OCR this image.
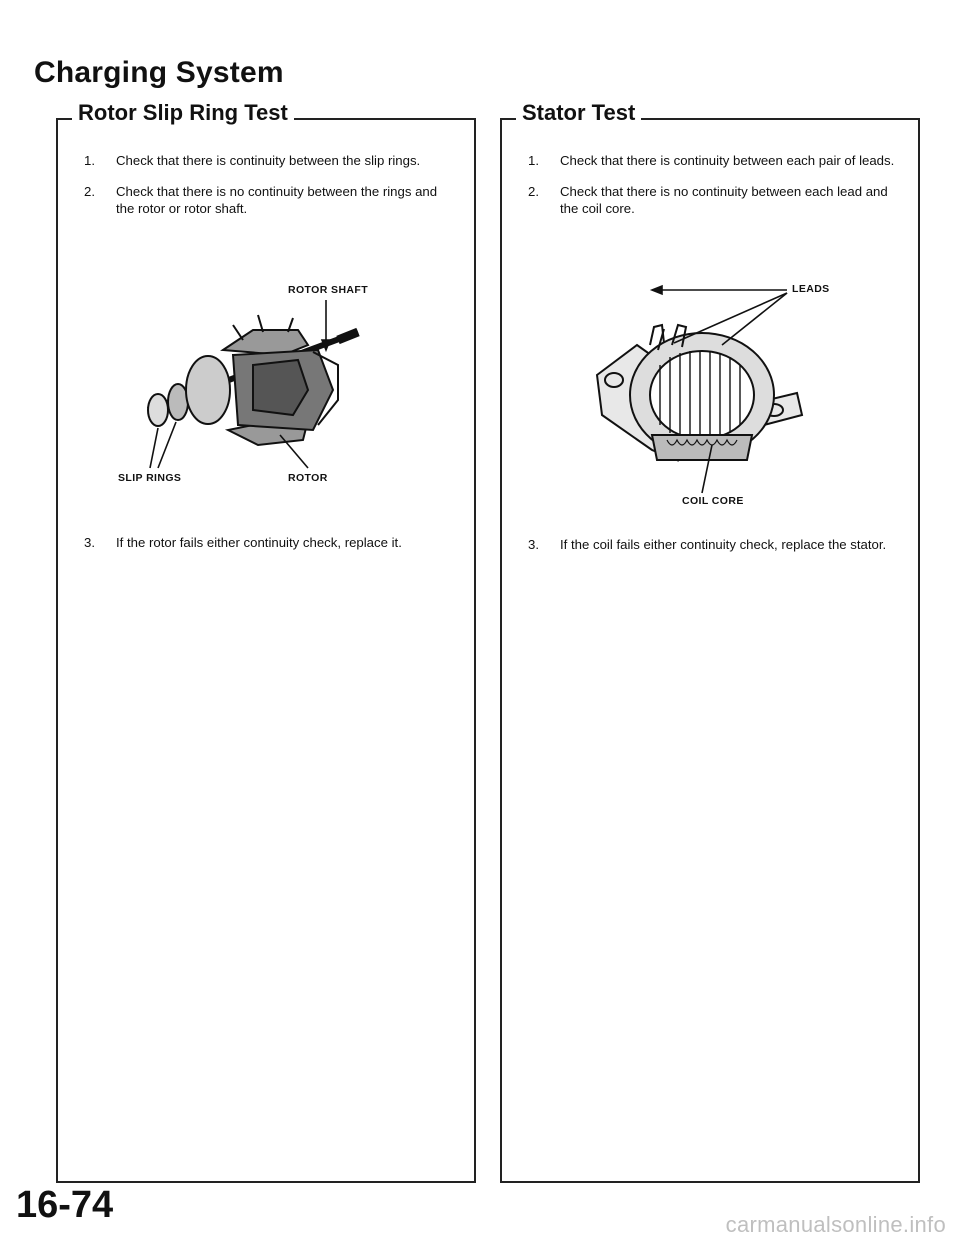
Charging System
Rotor Slip Ring Test
1.	Check that there is continuity between the slip rings.
2.	Check that there is no continuity between the rings and the rotor or rotor shaft.
ROTOR SHAFT
SLIP RINGS	ROTOR
3.	If the rotor fails either continuity check, replace it.
Stator Test
1.	Check that there is continuity between each pair of leads.
2.	Check that there is no continuity between each lead and the coil core.
LEADS
COIL CORE
3.	If the coil fails either continuity check, replace the stator.
16-74	carmanualsonline.info
